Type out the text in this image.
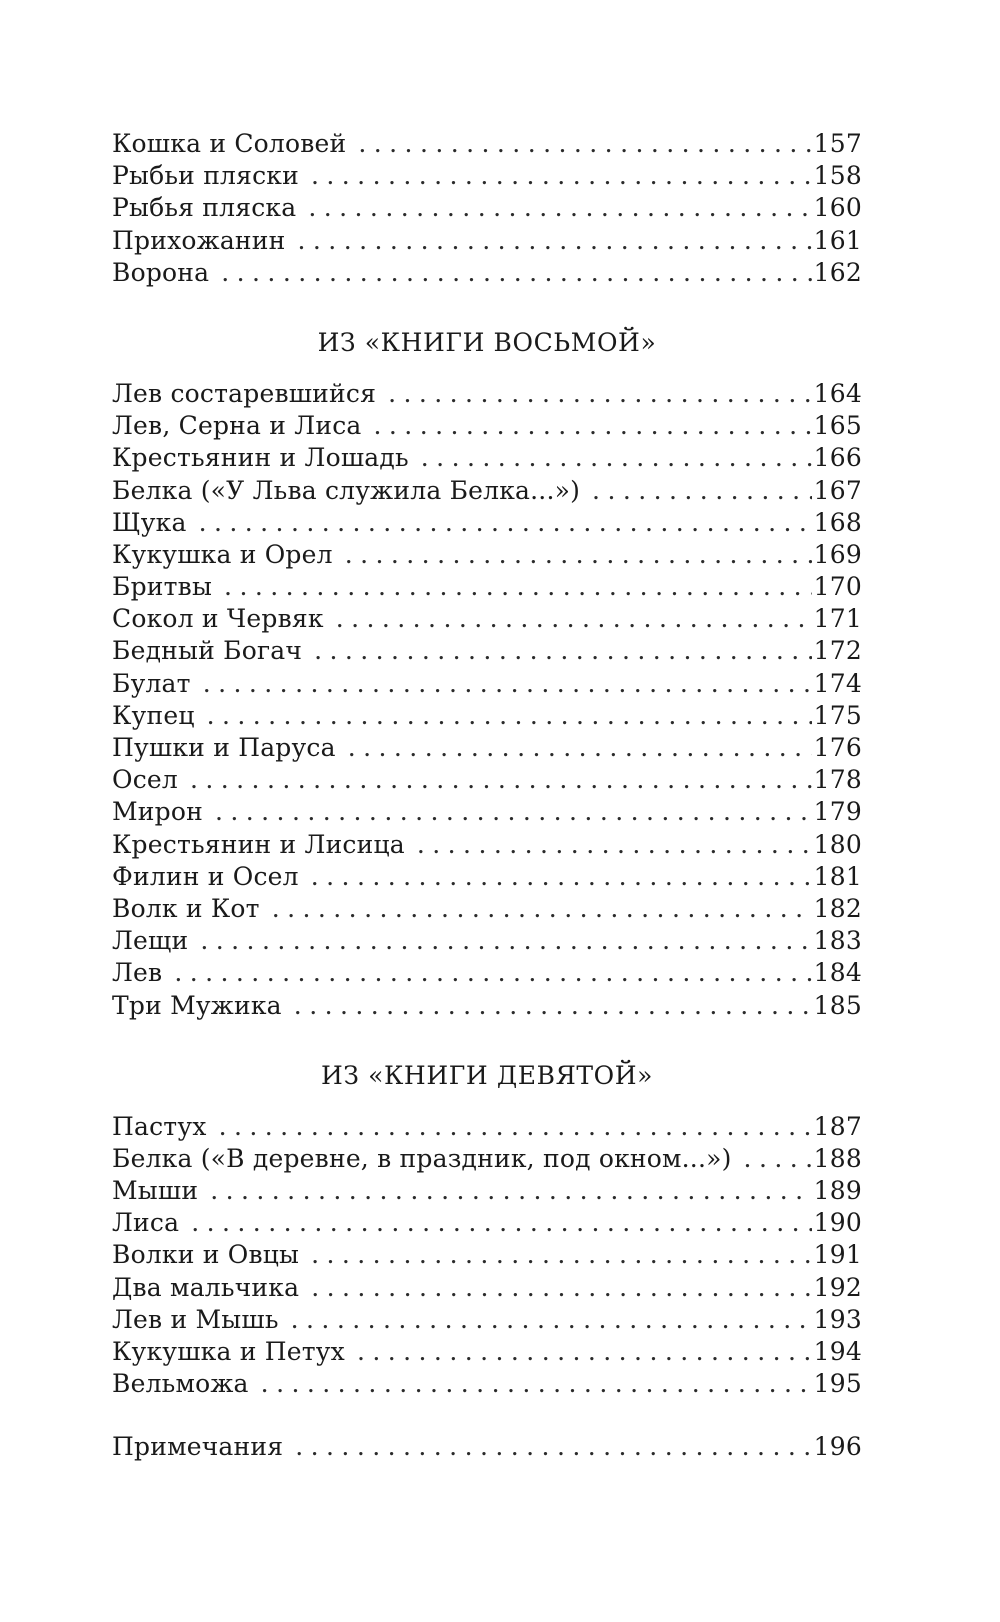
Кошка и Соловей . . .	157
Рыбьи пляски . . .	158
Рыбья пляска . . .	160
Прихожанин . . .	161
Ворона . . .	162
ИЗ «КНИГИ ВОСЬМОЙ»
Лев состаревшийся . . .	164
Лев, Серна и Лиса . . .	165
Крестьянин и Лошадь . . .	166
Белка («У Льва служила Белка...») . . .	167
Щука . . .	168
Кукушка и Орел . . .	169
Бритвы . . .	170
Сокол и Червяк . . .	171
Бедный Богач . . .	172
Булат . . .	174
Купец . . .	175
Пушки и Паруса . . .	176
Осел . . .	178
Мирон . . .	179
Крестьянин и Лисица . . .	180
Филин и Осел . . .	181
Волк и Кот . . .	182
Лещи . . .	183
Лев . . .	184
Три Мужика . . .	185
ИЗ «КНИГИ ДЕВЯТОЙ»
Пастух . . .	187
Белка («В деревне, в праздник, под окном...») . . .	188
Мыши . . .	189
Лиса . . .	190
Волки и Овцы . . .	191
Два мальчика . . .	192
Лев и Мышь . . .	193
Кукушка и Петух . . .	194
Вельможа . . .	195
Примечания . . .	196
